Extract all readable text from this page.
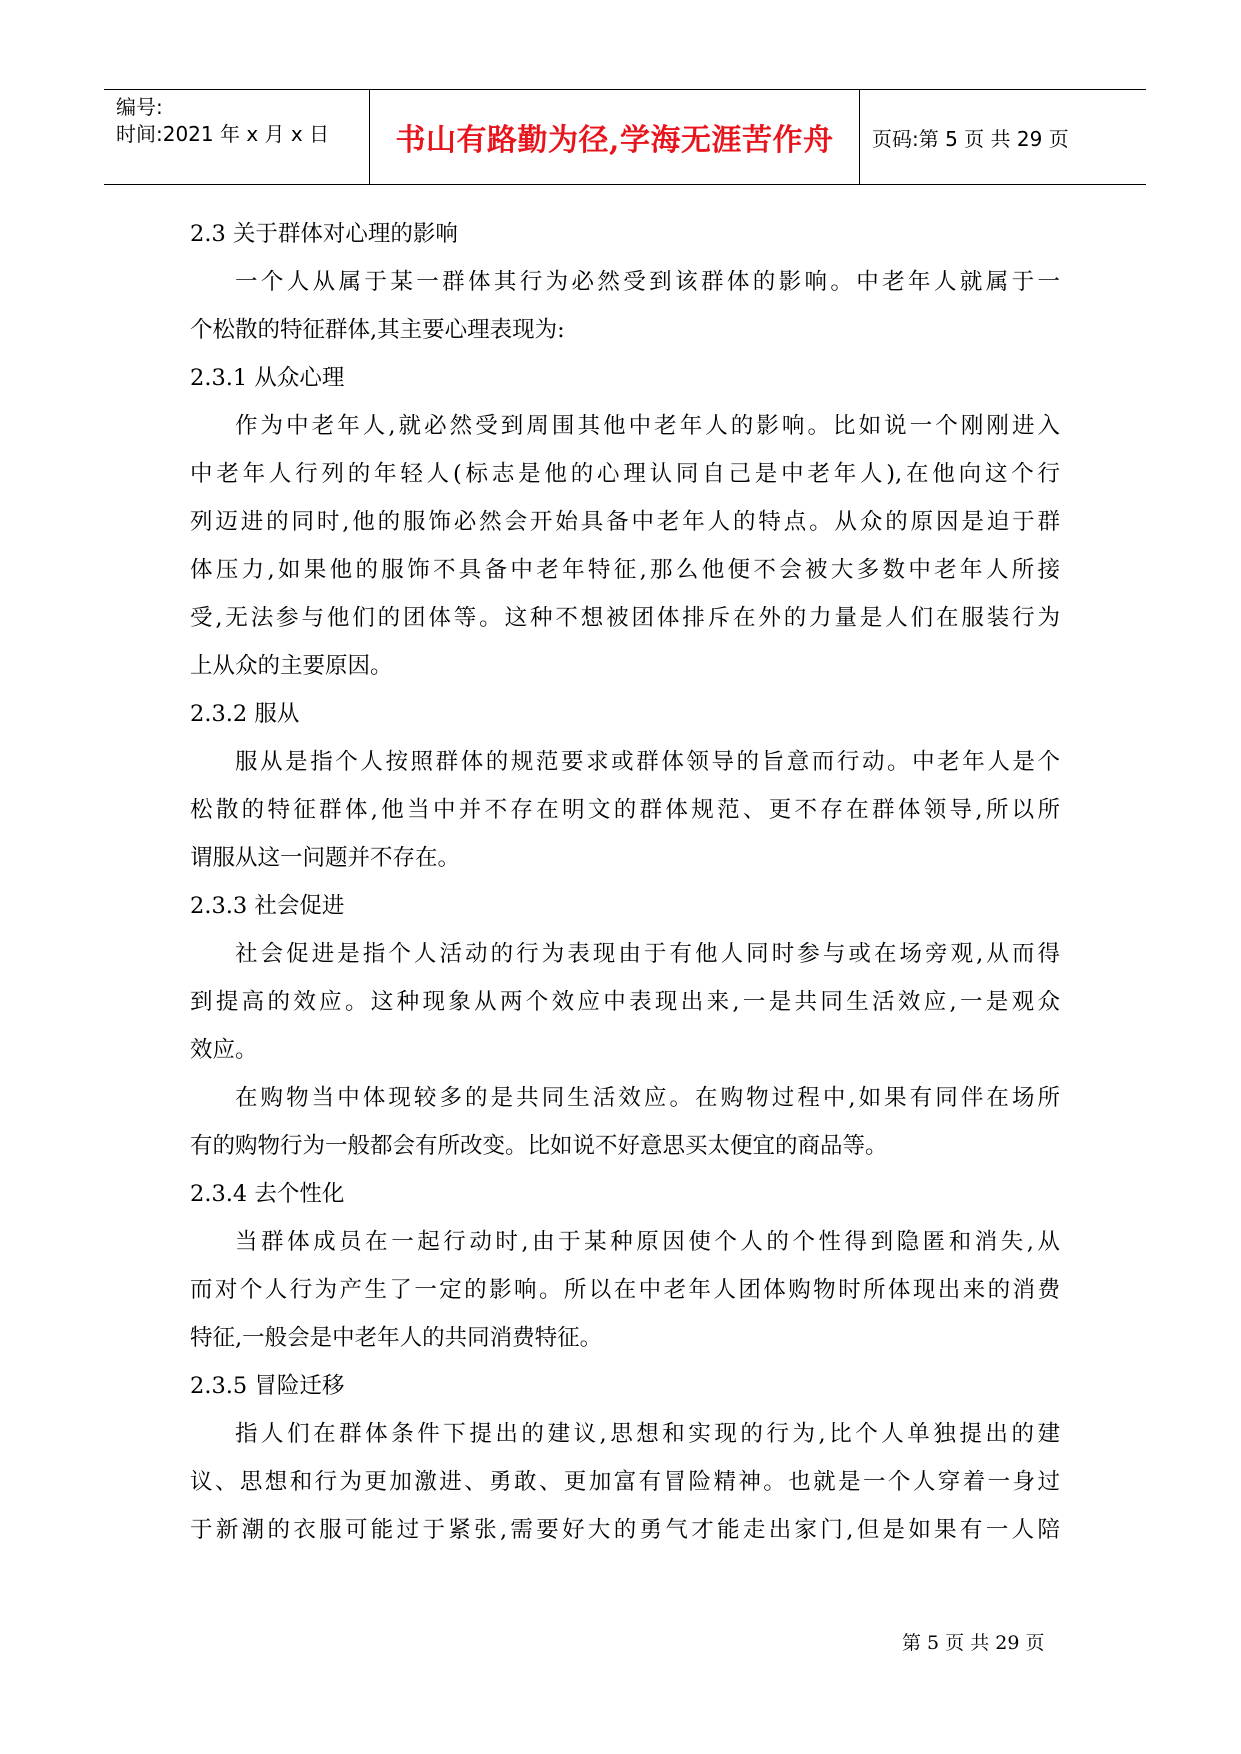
编号:
时间:2021 年 x 月 x 日	书山有路勤为径,学海无涯苦作舟 页码:第 5 页 共 29 页
2.3 关于群体对心理的影响
一个人从属于某一群体其行为必然受到该群体的影响。中老年人就属于一
个松散的特征群体,其主要心理表现为:
2.3.1 从众心理
作为中老年人,就必然受到周围其他中老年人的影响。比如说一个刚刚进入
中老年人行列的年轻人(标志是他的心理认同自己是中老年人),在他向这个行
列迈进的同时,他的服饰必然会开始具备中老年人的特点。从众的原因是迫于群
体压力,如果他的服饰不具备中老年特征,那么他便不会被大多数中老年人所接
受,无法参与他们的团体等。这种不想被团体排斥在外的力量是人们在服装行为
上从众的主要原因。
2.3.2 服从
服从是指个人按照群体的规范要求或群体领导的旨意而行动。中老年人是个
松散的特征群体,他当中并不存在明文的群体规范、更不存在群体领导,所以所
谓服从这一问题并不存在。
2.3.3 社会促进
社会促进是指个人活动的行为表现由于有他人同时参与或在场旁观,从而得
到提高的效应。这种现象从两个效应中表现出来,一是共同生活效应,一是观众
效应。
在购物当中体现较多的是共同生活效应。在购物过程中,如果有同伴在场所
有的购物行为一般都会有所改变。比如说不好意思买太便宜的商品等。
2.3.4 去个性化
当群体成员在一起行动时,由于某种原因使个人的个性得到隐匿和消失,从
而对个人行为产生了一定的影响。所以在中老年人团体购物时所体现出来的消费
特征,一般会是中老年人的共同消费特征。
2.3.5 冒险迁移
指人们在群体条件下提出的建议,思想和实现的行为,比个人单独提出的建
议、思想和行为更加激进、勇敢、更加富有冒险精神。也就是一个人穿着一身过
于新潮的衣服可能过于紧张,需要好大的勇气才能走出家门,但是如果有一人陪
第 5 页 共 29 页
